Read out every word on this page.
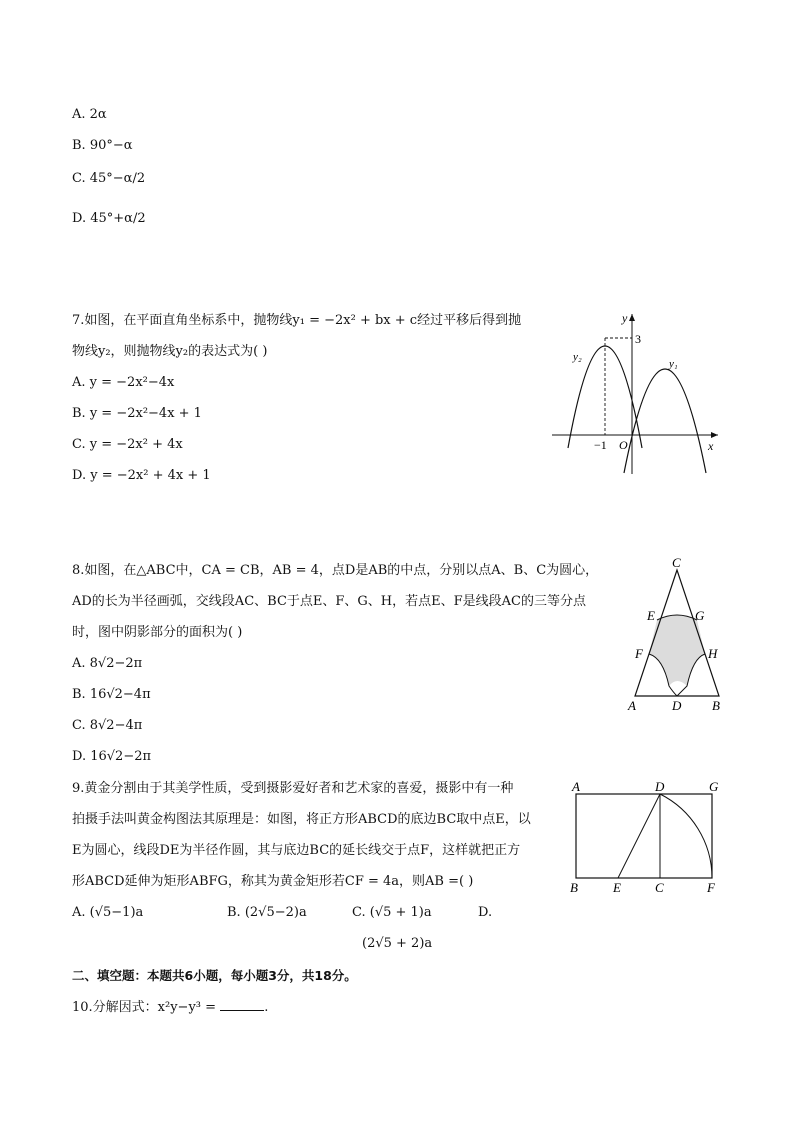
A. 2α
B. 90°−α
C. 45°−α/2
D. 45°+α/2
7.如图，在平面直角坐标系中，抛物线y₁ = −2x² + bx + c经过平移后得到抛
物线y₂，则抛物线y₂的表达式为( )
A. y = −2x²−4x
B. y = −2x²−4x + 1
C. y = −2x² + 4x
D. y = −2x² + 4x + 1
y
x
O
−1
3
y₂
y₁
8.如图，在△ABC中，CA = CB，AB = 4，点D是AB的中点，分别以点A、B、C为圆心，
AD的长为半径画弧，交线段AC、BC于点E、F、G、H，若点E、F是线段AC的三等分点
时，图中阴影部分的面积为( )
A. 8√2−2π
B. 16√2−4π
C. 8√2−4π
D. 16√2−2π
C
E	G
F	H
A	D B
9.黄金分割由于其美学性质，受到摄影爱好者和艺术家的喜爱，摄影中有一种
拍摄手法叫黄金构图法其原理是：如图，将正方形ABCD的底边BC取中点E，以
E为圆心，线段DE为半径作圆，其与底边BC的延长线交于点F，这样就把正方
形ABCD延伸为矩形ABFG，称其为黄金矩形若CF = 4a，则AB =( )
A. (√5−1)a	B. (2√5−2)a	C. (√5 + 1)a	D.
(2√5 + 2)a
A	D	G
B	E	C	F
二、填空题：本题共6小题，每小题3分，共18分。
10.分解因式：x²y−y³ =	.
